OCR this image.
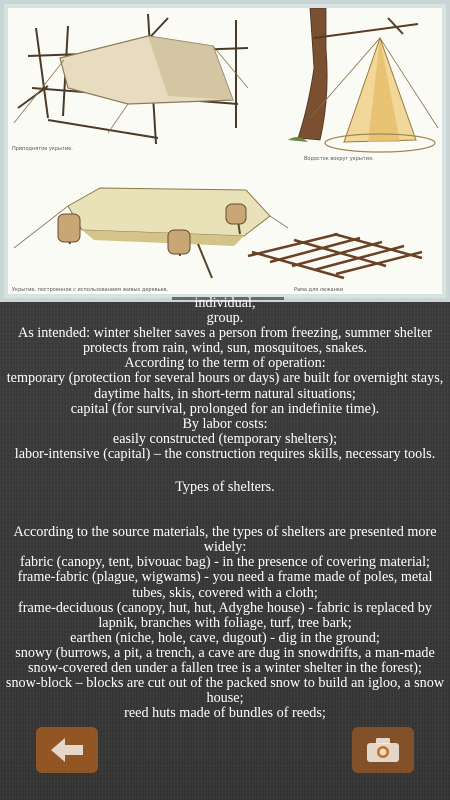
Приподнятое укрытие.
Водосток вокруг укрытия.
Укрытие, построенное с использованием живых деревьев.	Рама для лежанки

individual,

group.

As intended: winter shelter saves a person from freezing, summer shelter protects from rain, wind, sun, mosquitoes, snakes.

According to the term of operation:

temporary (protection for several hours or days) are built for overnight stays, daytime halts, in short-term natural situations;

capital (for survival, prolonged for an indefinite time).

By labor costs:

easily constructed (temporary shelters);

labor-intensive (capital) – the construction requires skills, necessary tools.

Types of shelters.

According to the source materials, the types of shelters are presented more widely:

fabric (canopy, tent, bivouac bag) - in the presence of covering material;

frame-fabric (plague, wigwams) - you need a frame made of poles, metal tubes, skis, covered with a cloth;

frame-deciduous (canopy, hut, hut, Adyghe house) - fabric is replaced by lapnik, branches with foliage, turf, tree bark;

earthen (niche, hole, cave, dugout) - dig in the ground;

snowy (burrows, a pit, a trench, a cave are dug in snowdrifts, a man-made snow-covered den under a fallen tree is a winter shelter in the forest);

snow-block – blocks are cut out of the packed snow to build an igloo, a snow house;

reed huts made of bundles of reeds;
